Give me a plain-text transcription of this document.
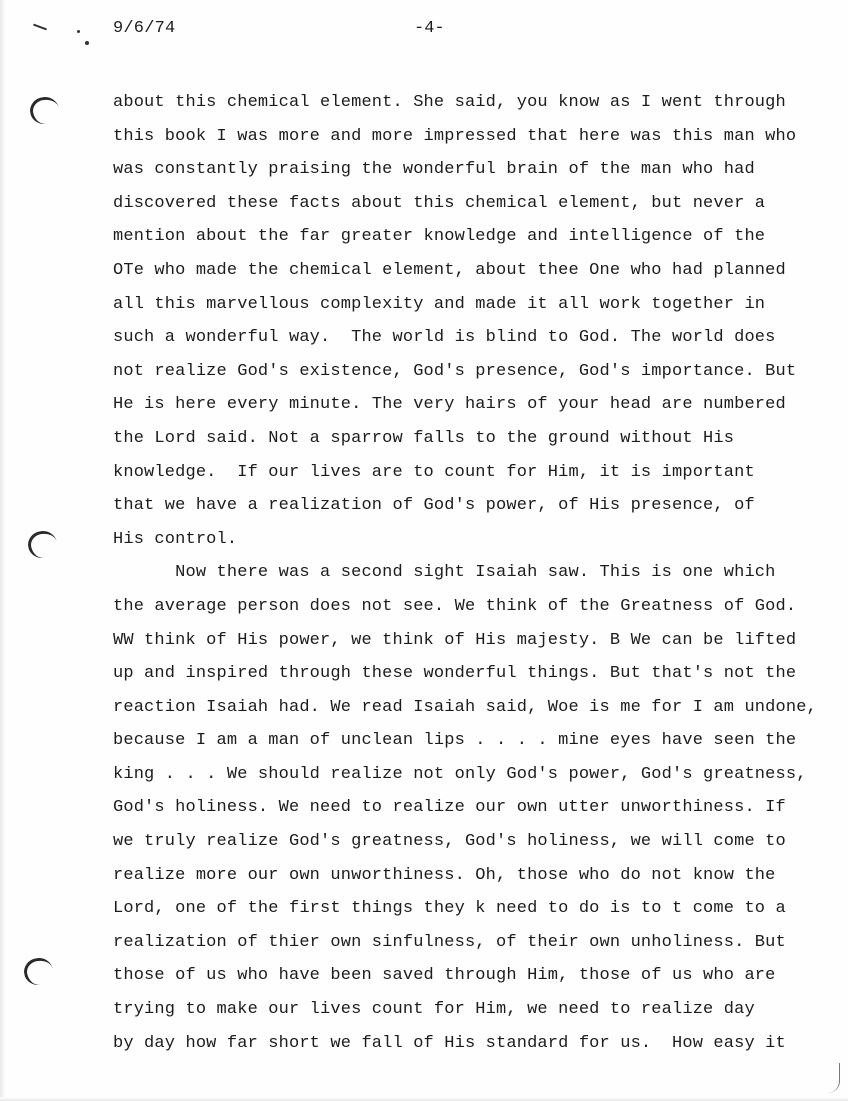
9/6/74	-4-
about this chemical element. She said, you know as I went through
this book I was more and more impressed that here was this man who
was constantly praising the wonderful brain of the man who had
discovered these facts about this chemical element, but never a
mention about the far greater knowledge and intelligence of the
OTe who made the chemical element, about thee One who had planned
all this marvellous complexity and made it all work together in
such a wonderful way.  The world is blind to God. The world does
not realize God's existence, God's presence, God's importance. But
He is here every minute. The very hairs of your head are numbered
the Lord said. Not a sparrow falls to the ground without His
knowledge.  If our lives are to count for Him, it is important
that we have a realization of God's power, of His presence, of
His control.
Now there was a second sight Isaiah saw. This is one which
the average person does not see. We think of the Greatness of God.
WW think of His power, we think of His majesty. B We can be lifted
up and inspired through these wonderful things. But that's not the
reaction Isaiah had. We read Isaiah said, Woe is me for I am undone,
because I am a man of unclean lips . . . . mine eyes have seen the
king . . . We should realize not only God's power, God's greatness,
God's holiness. We need to realize our own utter unworthiness. If
we truly realize God's greatness, God's holiness, we will come to
realize more our own unworthiness. Oh, those who do not know the
Lord, one of the first things they k need to do is to t come to a
realization of thier own sinfulness, of their own unholiness. But
those of us who have been saved through Him, those of us who are
trying to make our lives count for Him, we need to realize day
by day how far short we fall of His standard for us.  How easy it
